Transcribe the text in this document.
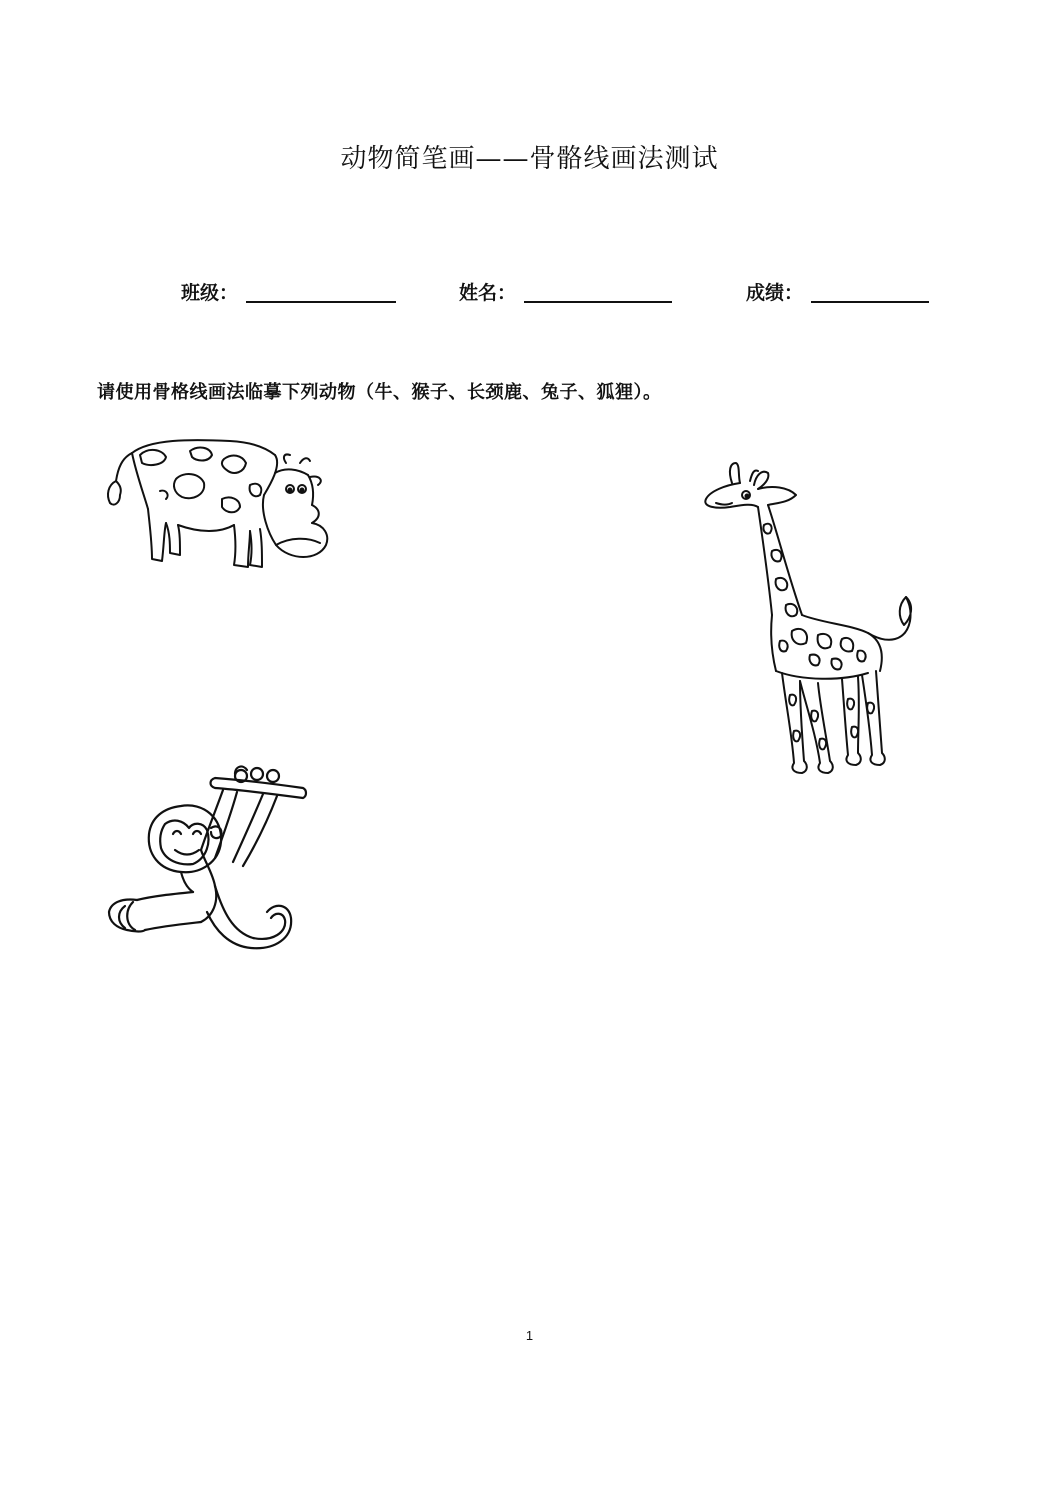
动物简笔画——骨骼线画法测试
班级：	姓名：	成绩：
请使用骨格线画法临摹下列动物（牛、猴子、长颈鹿、兔子、狐狸）。
1
